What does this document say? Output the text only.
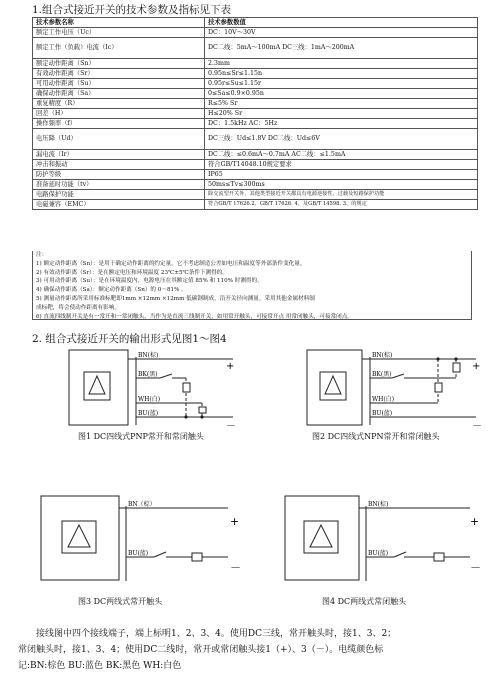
1.组合式接近开关的技术参数及指标见下表
技术参数名称	技术参数数值
额定工作电压（Uc）	DC：10V～30V
额定工作（负载）电流（Ic）	DC二线：5mA～100mA DC三线：1mA～200mA
额定动作距离（Sn）	2.3mm
有效动作距离（Sr）	0.95n≤Sr≤1.15n
可用动作距离（Su）	0.95r≤Su≤1.15r
确保动作距离（Sa）	0≤Sa≤0.9×0.95n
重复精度（R）	R≤5% Sr
回差（H）	H≤20% Sr
操作频率（f）	DC：1.5kHz AC：5Hz
电压降（Ud）	DC三线：Ud≤1.8V DC二线：Ud≤6V
漏电流（Ir）	DC二线：≤0.6mA～0.7mA AC二线：≤1.5mA
冲击和振动	符合GB/T14048.10规定要求
防护等级	IP65
准备延时功能（tv）	50ms≤Tv≤300ms
电路保护功能	除交流型开关外，其他类型接近开关都具有电源逆接性、过载及短路保护功能
电磁兼容（EMC）	符合GB/T 17626.2、GB/T 17626. 4、及GB/T 14598. 3、的规定
注：
1) 额定动作距离（Sn）：是用于确定动作距离的约定量。它不考虑制造公差如电压和温度等外部条件变化量。
2) 有效动作距离（Sr）：是在额定电压和环境温度 23℃±5℃条件下测得的。
3) 可用动作距离（Su）：是在环境温度内，电源电压在其额定值 85% 和 110% 时测得的。
4) 确保动作距离（Sa）：额定动作距离（Sn）的 0～81% 。
5) 测量动作距离所采用标准标靶即1mm ×12mm ×12mm 低碳钢制成，沿开关径向测量。采用其他金属材料制
成标靶，将会使动作距离有影响。
6) 直流四线制开关是有一常开和一常闭触头，当作为是直流三线制开关，如用常开触头，可接常开点 用常闭触头，可接常闭点。
2. 组合式接近开关的输出形式见图1～图4
BN(棕)
BK(黑)
WH(白)
BU(蓝)
+
－
图1 DC四线式PNP常开和常闭触头
BN(棕)
BK(黑)
WH(白)
BU(蓝)
+
－
图2 DC四线式NPN常开和常闭触头
BN（棕）
BU(蓝)
+
－
图3 DC两线式常开触头
BN(棕)
BU(蓝)
+
－
图4 DC两线式常闭触头
接线图中四个接线端子，端上标明1、2、3、4。使用DC三线，常开触头时，接1、3、2；
常闭触头时，接1、3、4；使用DC二线时，常开或常闭触头接1（+）、3（－）。电缆颜色标
记:BN:棕色 BU:蓝色 BK:黑色 WH:白色
